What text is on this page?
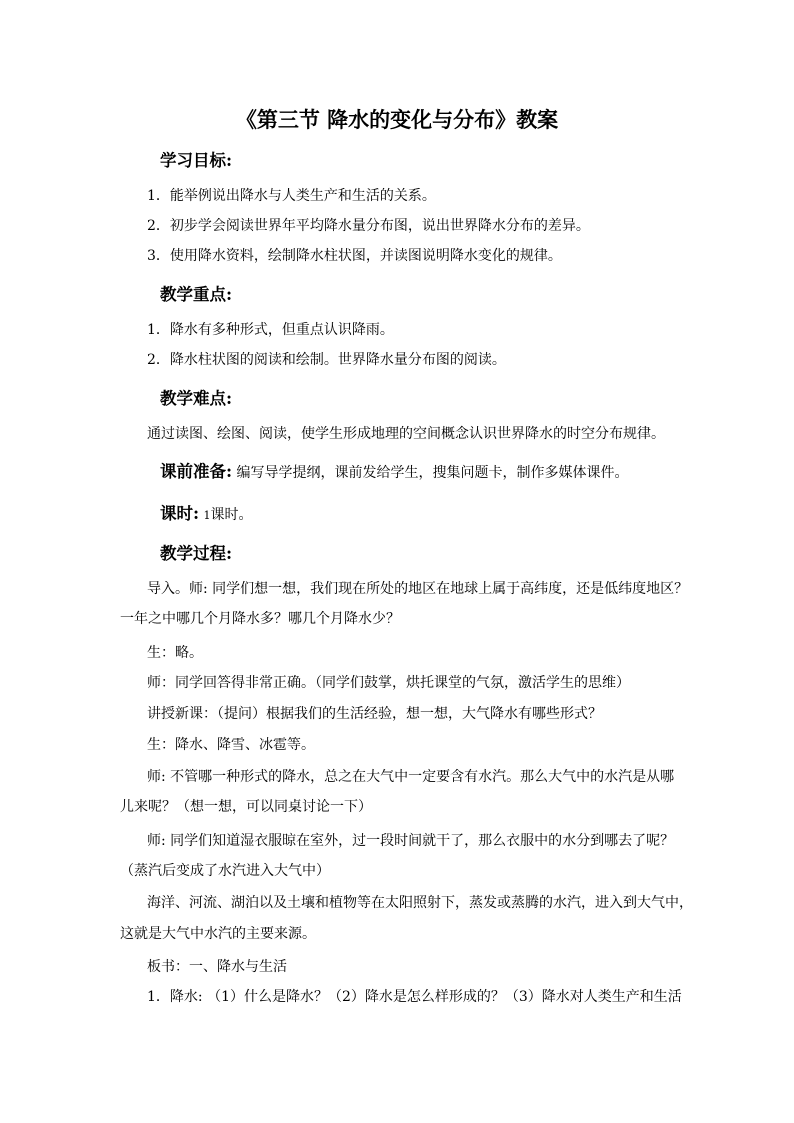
《第三节 降水的变化与分布》教案
学习目标:
1．能举例说出降水与人类生产和生活的关系。
2．初步学会阅读世界年平均降水量分布图，说出世界降水分布的差异。
3．使用降水资料，绘制降水柱状图，并读图说明降水变化的规律。
教学重点:
1．降水有多种形式，但重点认识降雨。
2．降水柱状图的阅读和绘制。世界降水量分布图的阅读。
教学难点:
通过读图、绘图、阅读，使学生形成地理的空间概念认识世界降水的时空分布规律。
课前准备: 编写导学提纲，课前发给学生，搜集问题卡，制作多媒体课件。
课时: 1课时。
教学过程:
导入。师: 同学们想一想，我们现在所处的地区在地球上属于高纬度，还是低纬度地区？
一年之中哪几个月降水多？哪几个月降水少？
生：略。
师：同学回答得非常正确。（同学们鼓掌，烘托课堂的气氛，激活学生的思维）
讲授新课：（提问）根据我们的生活经验，想一想，大气降水有哪些形式？
生：降水、降雪、冰雹等。
师: 不管哪一种形式的降水，总之在大气中一定要含有水汽。那么大气中的水汽是从哪
儿来呢？（想一想，可以同桌讨论一下）
师: 同学们知道湿衣服晾在室外，过一段时间就干了，那么衣服中的水分到哪去了呢？
（蒸汽后变成了水汽进入大气中）
海洋、河流、湖泊以及土壤和植物等在太阳照射下，蒸发或蒸腾的水汽，进入到大气中，
这就是大气中水汽的主要来源。
板书：一、降水与生活
1．降水: （1）什么是降水？（2）降水是怎么样形成的？（3）降水对人类生产和生活
